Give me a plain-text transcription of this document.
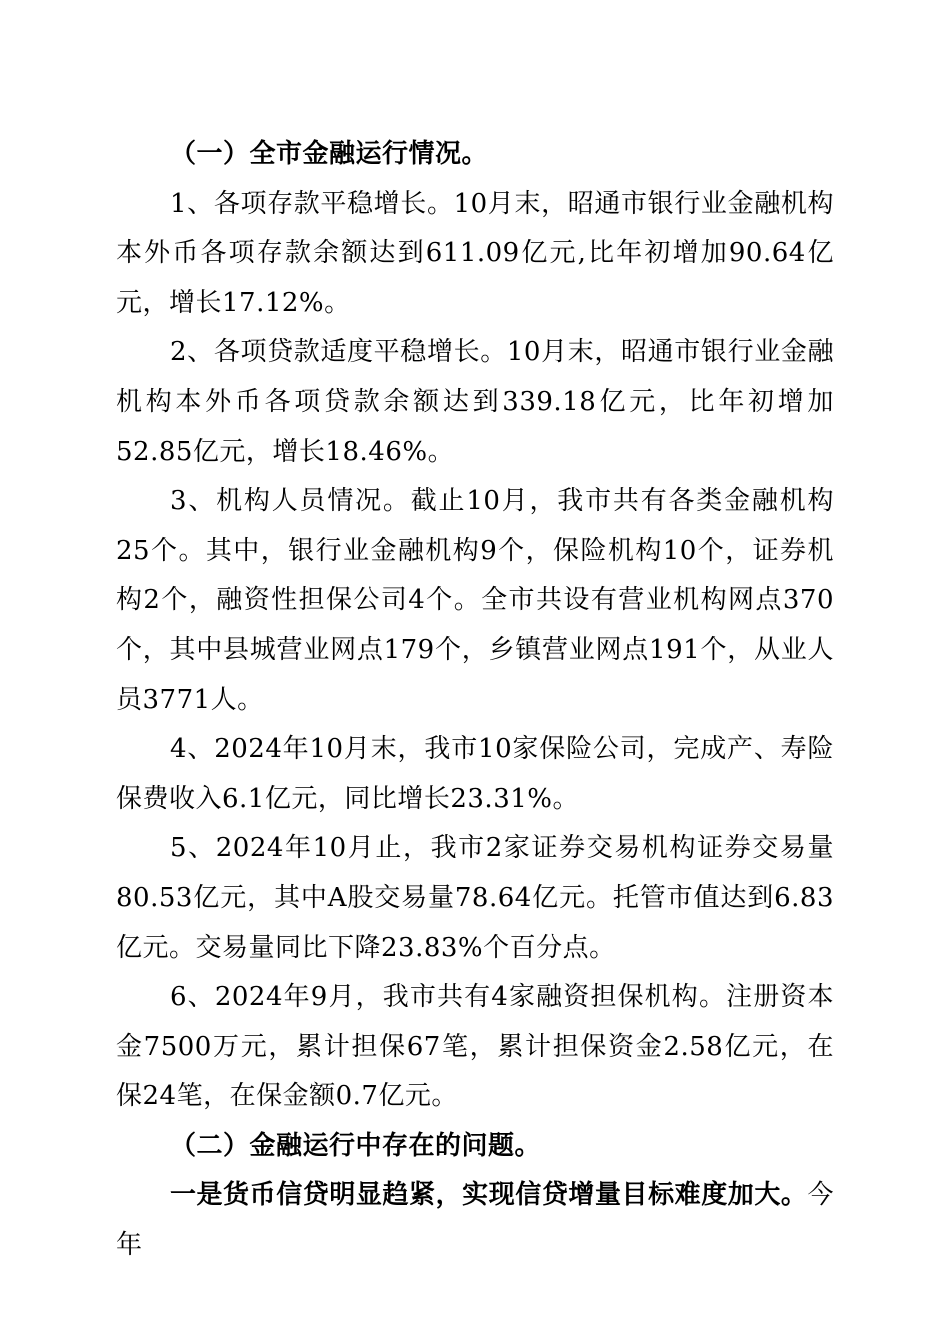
（一）全市金融运行情况。

1、各项存款平稳增长。10月末，昭通市银行业金融机构本外币各项存款余额达到611.09亿元,比年初增加90.64亿元，增长17.12%。

2、各项贷款适度平稳增长。10月末，昭通市银行业金融机构本外币各项贷款余额达到339.18亿元，比年初增加52.85亿元，增长18.46%。

3、机构人员情况。截止10月，我市共有各类金融机构25个。其中，银行业金融机构9个，保险机构10个，证券机构2个，融资性担保公司4个。全市共设有营业机构网点370个，其中县城营业网点179个，乡镇营业网点191个，从业人员3771人。

4、2024年10月末，我市10家保险公司，完成产、寿险保费收入6.1亿元，同比增长23.31%。

5、2024年10月止，我市2家证券交易机构证券交易量80.53亿元，其中A股交易量78.64亿元。托管市值达到6.83亿元。交易量同比下降23.83%个百分点。

6、2024年9月，我市共有4家融资担保机构。注册资本金7500万元，累计担保67笔，累计担保资金2.58亿元，在保24笔，在保金额0.7亿元。

（二）金融运行中存在的问题。

一是货币信贷明显趋紧，实现信贷增量目标难度加大。今年
